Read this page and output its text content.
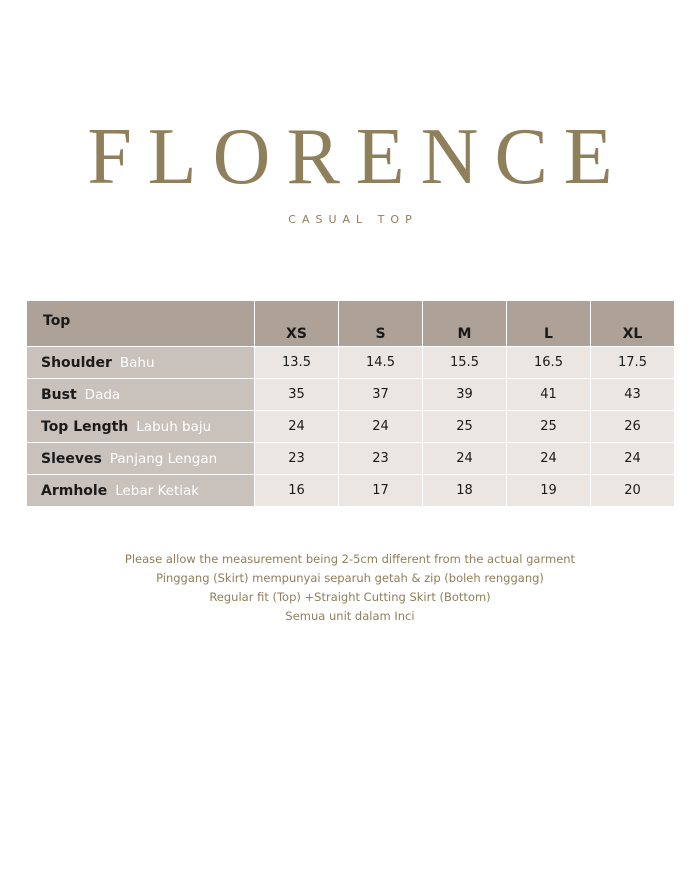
FLORENCE
CASUAL TOP
Top	XS	S	M	L	XL
Shoulder Bahu	13.5	14.5	15.5	16.5	17.5
Bust Dada	35	37	39	41	43
Top Length Labuh baju	24	24	25	25	26
Sleeves Panjang Lengan	23	23	24	24	24
Armhole Lebar Ketiak	16	17	18	19	20
Please allow the measurement being 2-5cm different from the actual garment
Pinggang (Skirt) mempunyai separuh getah & zip (boleh renggang)
Regular fit (Top) +Straight Cutting Skirt (Bottom)
Semua unit dalam Inci
